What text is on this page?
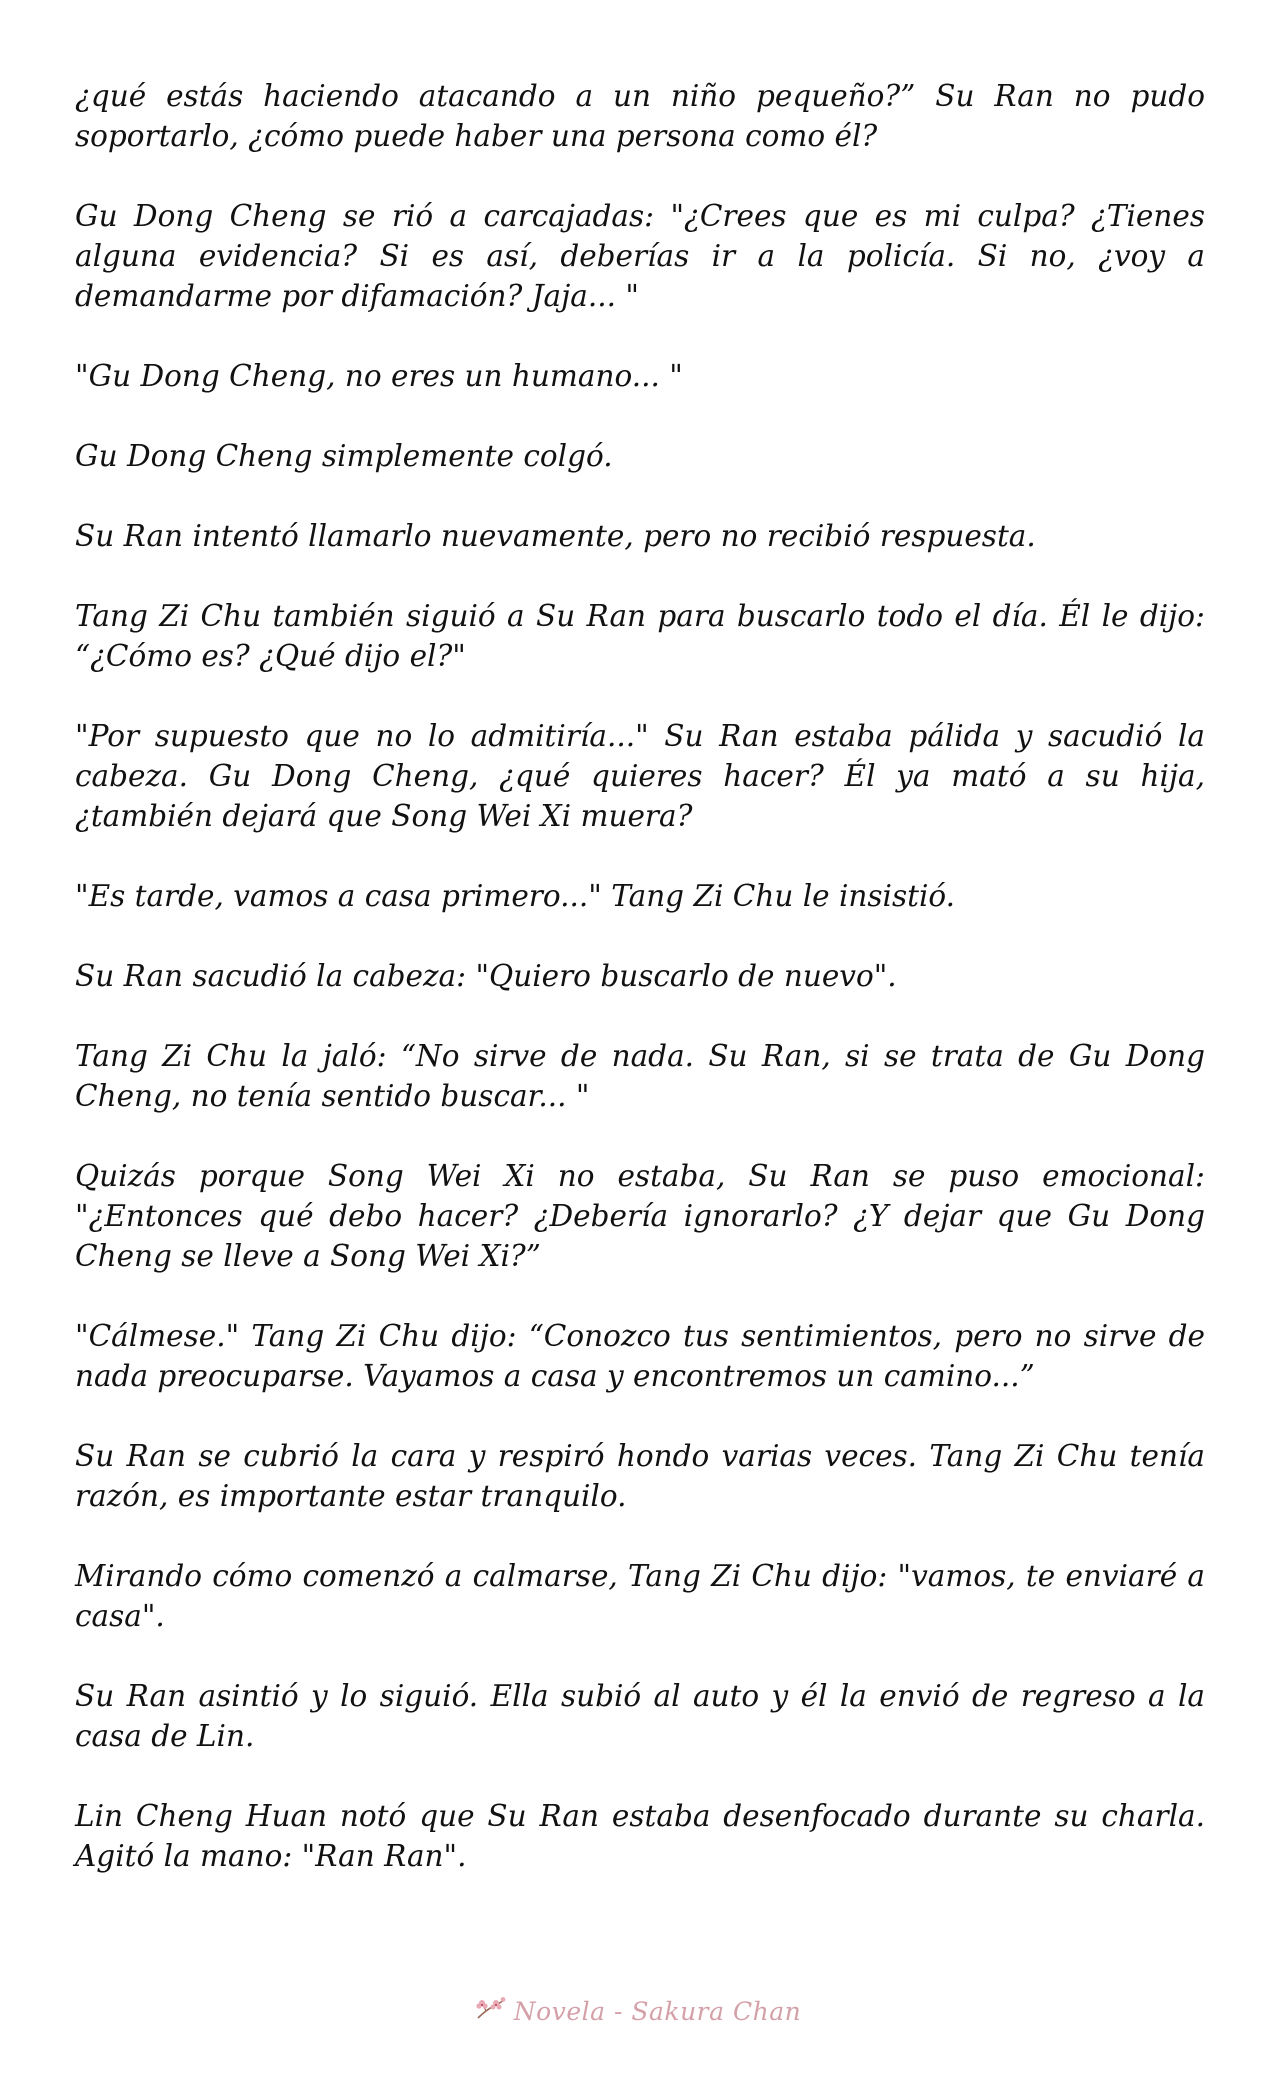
¿qué estás haciendo atacando a un niño pequeño?” Su Ran no pudo soportarlo, ¿cómo puede haber una persona como él?

Gu Dong Cheng se rió a carcajadas: "¿Crees que es mi culpa? ¿Tienes alguna evidencia? Si es así, deberías ir a la policía. Si no, ¿voy a demandarme por difamación? Jaja... "

"Gu Dong Cheng, no eres un humano... "

Gu Dong Cheng simplemente colgó.

Su Ran intentó llamarlo nuevamente, pero no recibió respuesta.

Tang Zi Chu también siguió a Su Ran para buscarlo todo el día. Él le dijo: “¿Cómo es? ¿Qué dijo el?"

"Por supuesto que no lo admitiría..." Su Ran estaba pálida y sacudió la cabeza. Gu Dong Cheng, ¿qué quieres hacer? Él ya mató a su hija, ¿también dejará que Song Wei Xi muera?

"Es tarde, vamos a casa primero..." Tang Zi Chu le insistió.

Su Ran sacudió la cabeza: "Quiero buscarlo de nuevo".

Tang Zi Chu la jaló: “No sirve de nada. Su Ran, si se trata de Gu Dong Cheng, no tenía sentido buscar... "

Quizás porque Song Wei Xi no estaba, Su Ran se puso emocional: "¿Entonces qué debo hacer? ¿Debería ignorarlo? ¿Y dejar que Gu Dong Cheng se lleve a Song Wei Xi?”

"Cálmese." Tang Zi Chu dijo: “Conozco tus sentimientos, pero no sirve de nada preocuparse. Vayamos a casa y encontremos un camino...”

Su Ran se cubrió la cara y respiró hondo varias veces. Tang Zi Chu tenía razón, es importante estar tranquilo.

Mirando cómo comenzó a calmarse, Tang Zi Chu dijo: "vamos, te enviaré a casa".

Su Ran asintió y lo siguió. Ella subió al auto y él la envió de regreso a la casa de Lin.

Lin Cheng Huan notó que Su Ran estaba desenfocado durante su charla. Agitó la mano: "Ran Ran".

Novela - Sakura Chan
